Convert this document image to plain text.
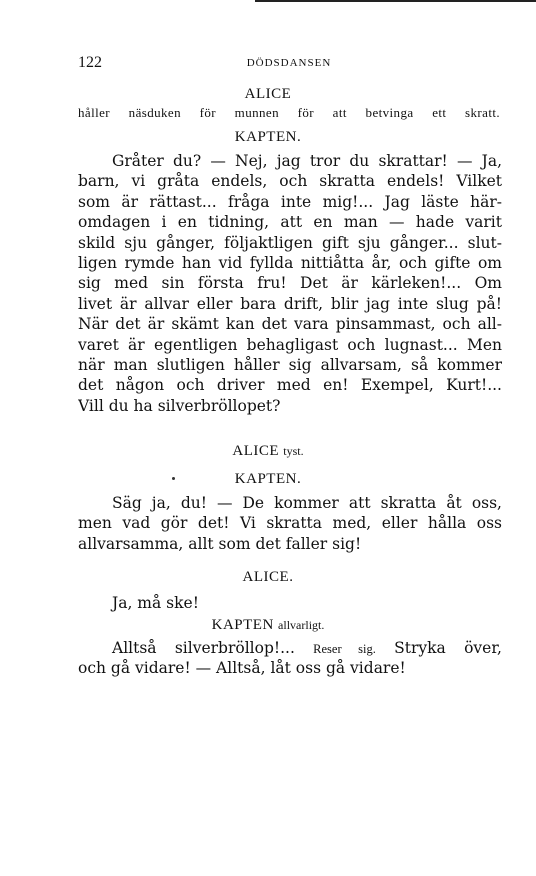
122	DÖDSDANSEN
ALICE
håller näsduken för munnen för att betvinga ett skratt.
KAPTEN.
Gråter du? — Nej, jag tror du skrattar! — Ja,
barn, vi gråta endels, och skratta endels! Vilket
som är rättast... fråga inte mig!... Jag läste här-
omdagen i en tidning, att en man — hade varit
skild sju gånger, följaktligen gift sju gånger... slut-
ligen rymde han vid fyllda nittiåtta år, och gifte om
sig med sin första fru! Det är kärleken!... Om
livet är allvar eller bara drift, blir jag inte slug på!
När det är skämt kan det vara pinsammast, och all-
varet är egentligen behagligast och lugnast... Men
när man slutligen håller sig allvarsam, så kommer
det någon och driver med en! Exempel, Kurt!...
Vill du ha silverbröllopet?
ALICE tyst.
KAPTEN.
Säg ja, du! — De kommer att skratta åt oss,
men vad gör det! Vi skratta med, eller hålla oss
allvarsamma, allt som det faller sig!
ALICE.
Ja, må ske!
KAPTEN allvarligt.
Alltså silverbröllop!... Reser sig. Stryka över,
och gå vidare! — Alltså, låt oss gå vidare!
